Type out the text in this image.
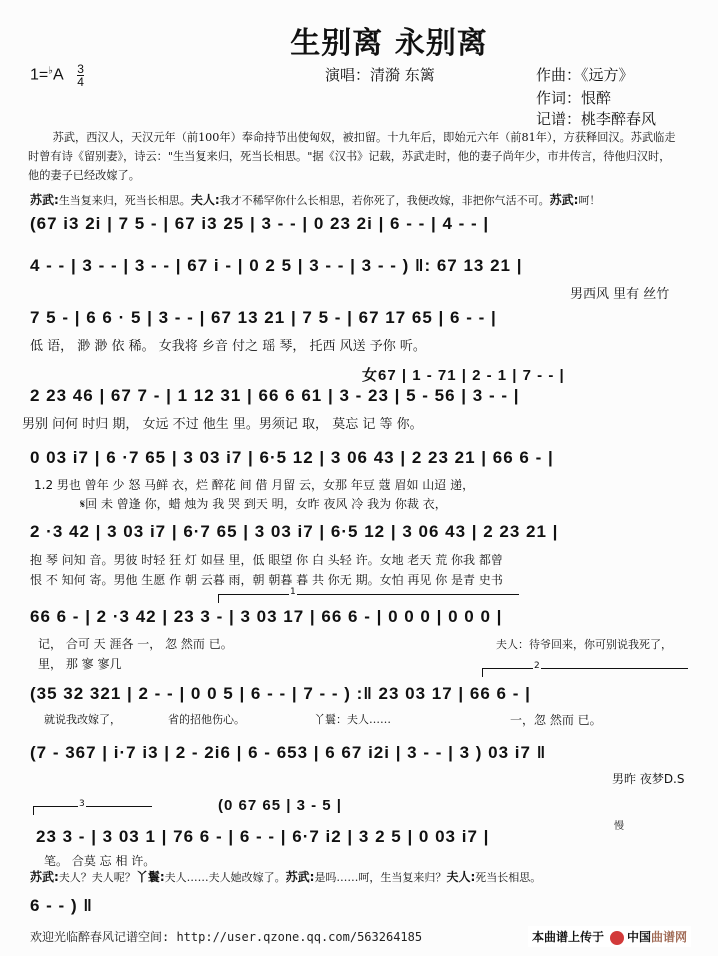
生别离 永别离
$1=^♭A \frac{3}{4}$	演唱：清漪 东篱	作曲：《远方》
作词：恨醉
记谱：桃李醉春风
苏武，西汉人，天汉元年（前100年）奉命持节出使匈奴，被扣留。十九年后，即始元六年（前81年），方获释回汉。苏武临走时曾有诗《留别妻》，诗云："生当复来归，死当长相思。"据《汉书》记载，苏武走时，他的妻子尚年少，市井传言，待他归汉时，他的妻子已经改嫁了。
苏武:生当复来归，死当长相思。夫人:我才不稀罕你什么长相思，若你死了，我便改嫁，非把你气活不可。苏武:呵！
(67 i3 2i | 7 5 - | 67 i3 25 | 3 - - | 0 23 2i | 6 - - | 4 - - |
4 - - | 3 - - | 3 - - | 67 i - | 0 2 5 | 3 - - | 3 - - ) ‖: 67 13 21 |
男西风 里有 丝竹
7 5 - | 6 6 · 5 | 3 - - | 67 13 21 | 7 5 - | 67 17 65 | 6 - - |
低 语， 渺 渺 依 稀。 女我将 乡音 付之 瑶 琴， 托西 风送 予你 听。
女67 | 1 - 71 | 2 - 1 | 7 - - |
2 23 46 | 67 7 - | 1 12 31 | 66 6 61 | 3 - 23 | 5 - 56 | 3 - - |
男别 问何 时归 期， 女远 不过 他生 里。男须记 取， 莫忘 记 等 你。
0 03 i7 | 6 ·7 65 | 3 03 i7 | 6·5 12 | 3 06 43 | 2 23 21 | 66 6 - |
1.2 男也 曾年 少 怒 马鲜 衣，烂 醉花 间 借 月留 云，女那 年豆 蔻 眉如 山迢 递，
𝄋回 未 曾逢 你，蜡 烛为 我 哭 到天 明，女昨 夜风 冷 我为 你裁 衣，
2 ·3 42 | 3 03 i7 | 6·7 65 | 3 03 i7 | 6·5 12 | 3 06 43 | 2 23 21 |
抱 琴 问知 音。男彼 时轻 狂 灯 如昼 里，低 眼望 你 白 头轻 许。女地 老天 荒 你我 都曾
恨 不 知何 寄。男他 生愿 作 朝 云暮 雨，朝 朝暮 暮 共 你无 期。女怕 再见 你 是青 史书
1
66 6 - | 2 ·3 42 | 23 3 - | 3 03 17 | 66 6 - | 0 0 0 | 0 0 0 |
记， 合可 天 涯各 一， 忽 然而 已。	夫人：待爷回来，你可别说我死了，
里， 那 寥 寥几	2
(35 32 321 | 2 - - | 0 0 5 | 6 - - | 7 - - ) :‖ 23 03 17 | 66 6 - |
就说我改嫁了，	省的招他伤心。	丫鬟：夫人……	一，忽 然而 已。
(7 - 367 | i·7 i3 | 2 - 2i6 | 6 - 653 | 6 67 i2i | 3 - - | 3 ) 03 i7 ‖
男昨 夜梦D.S
3	(0 67 65 | 3 - 5 |
慢
23 3 - | 3 03 1 | 76 6 - | 6 - - | 6·7 i2 | 3 2 5 | 0 03 i7 |
笔。 合莫 忘 相 许。
苏武:夫人？夫人呢？丫鬟:夫人……夫人她改嫁了。苏武:是吗……呵，生当复来归？夫人:死当长相思。
6 - - ) ‖
欢迎光临醉春风记谱空间: http://user.qzone.qq.com/563264185	本曲谱上传于 中国曲谱网
